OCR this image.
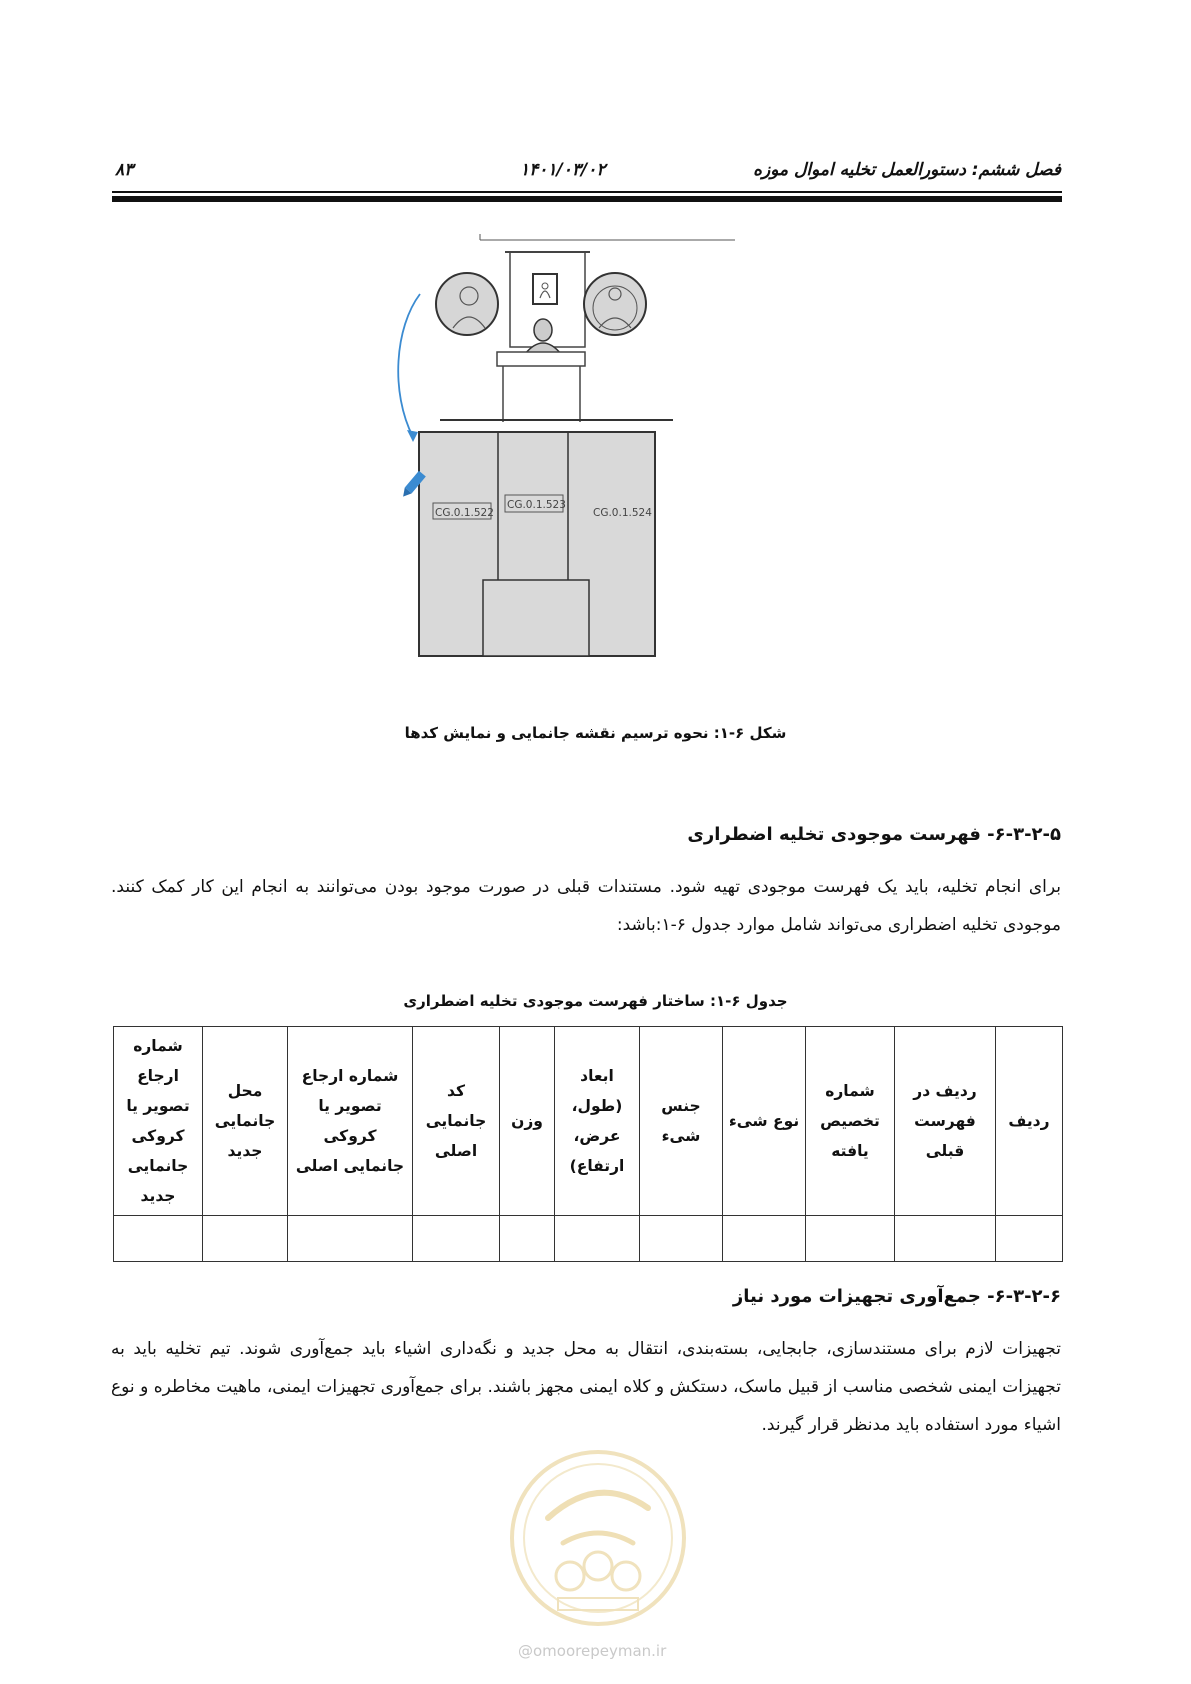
فصل ششم: دستورالعمل تخلیه اموال موزه
۱۴۰۱/۰۳/۰۲
۸۳
CG.0.1.522
CG.0.1.523
CG.0.1.524
شکل ۶-۱: نحوه ترسیم نقشه جانمایی و نمایش کدها
۶-۳-۲-۵- فهرست موجودی تخلیه اضطراری
برای انجام تخلیه، باید یک فهرست موجودی تهیه شود. مستندات قبلی در صورت موجود بودن می‌توانند به انجام این کار کمک کنند. موجودی تخلیه اضطراری می‌تواند شامل موارد جدول ۶-۱:باشد:
جدول ۶-۱: ساختار فهرست موجودی تخلیه اضطراری
ردیف	ردیف در فهرست قبلی	شماره تخصیص یافته	نوع شیء	جنس شیء	ابعاد (طول، عرض، ارتفاع)	وزن	کد جانمایی اصلی	شماره ارجاع تصویر یا کروکی جانمایی اصلی	محل جانمایی جدید	شماره ارجاع تصویر یا کروکی جانمایی جدید

۶-۳-۲-۶- جمع‌آوری تجهیزات مورد نیاز
تجهیزات لازم برای مستندسازی، جابجایی، بسته‌بندی، انتقال به محل جدید و نگه‌داری اشیاء باید جمع‌آوری شوند. تیم تخلیه باید به تجهیزات ایمنی شخصی مناسب از قبیل ماسک، دستکش و کلاه ایمنی مجهز باشند. برای جمع‌آوری تجهیزات ایمنی، ماهیت مخاطره و نوع اشیاء مورد استفاده باید مدنظر قرار گیرند.
@omoorepeyman.ir
